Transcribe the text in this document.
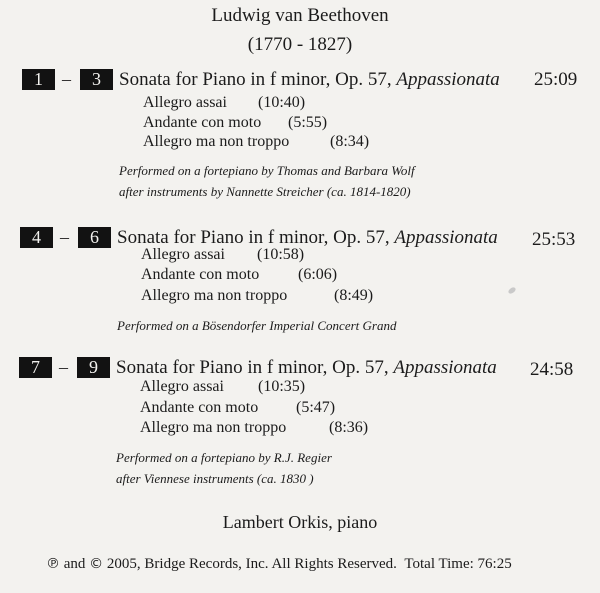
Ludwig van Beethoven
(1770 - 1827)
1	–	3 Sonata for Piano in f minor, Op. 57, Appassionata 25:09
Allegro assai (10:40)
Andante con moto (5:55)
Allegro ma non troppo	(8:34)
Performed on a fortepiano by Thomas and Barbara Wolf
after instruments by Nannette Streicher (ca. 1814-1820)
4	–	6 Sonata for Piano in f minor, Op. 57, Appassionata 25:53
Allegro assai (10:58)
Andante con moto (6:06)
Allegro ma non troppo	(8:49)
Performed on a Bösendorfer Imperial Concert Grand
7	–	9 Sonata for Piano in f minor, Op. 57, Appassionata 24:58
Allegro assai (10:35)
Andante con moto (5:47)
Allegro ma non troppo	(8:36)
Performed on a fortepiano by R.J. Regier
after Viennese instruments (ca. 1830 )
Lambert Orkis, piano
℗ and © 2005, Bridge Records, Inc. All Rights Reserved. Total Time: 76:25
